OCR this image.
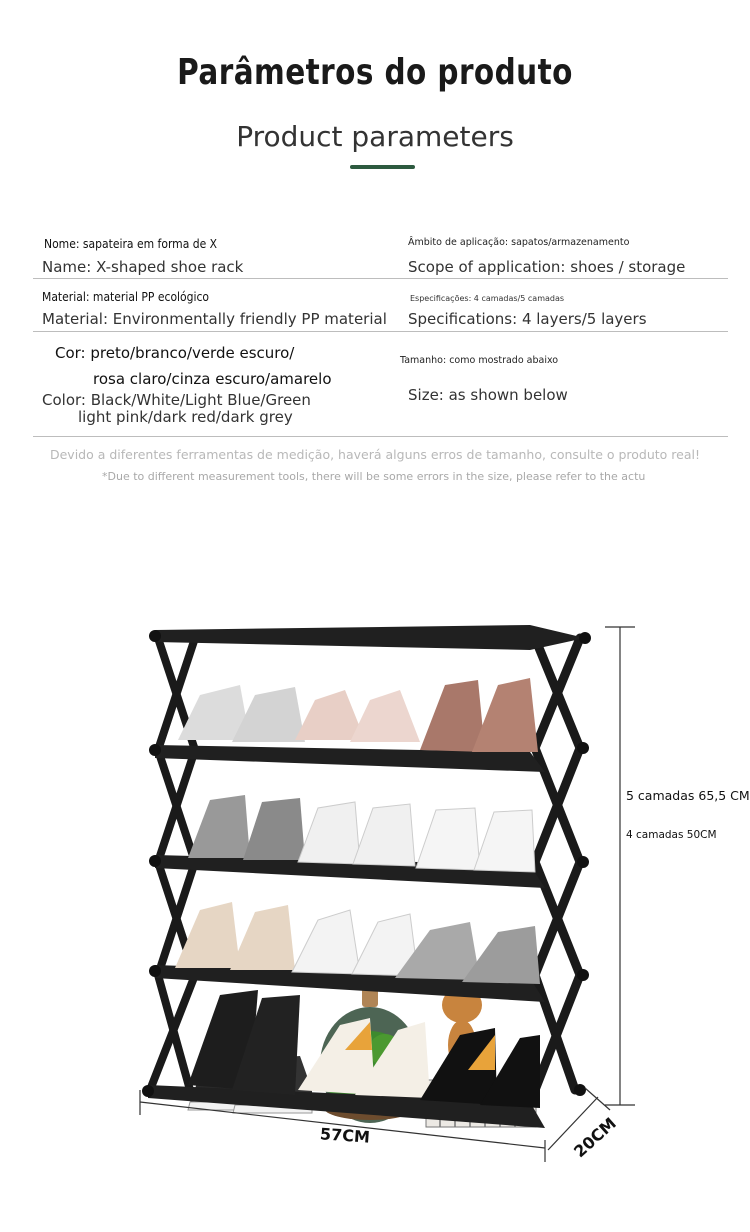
Parâmetros do produto
Product parameters
Nome: sapateira em forma de X
Name: X-shaped shoe rack
Âmbito de aplicação: sapatos/armazenamento
Scope of application: shoes / storage
Material: material PP ecológico
Material: Environmentally friendly PP material
Especificações: 4 camadas/5 camadas
Specifications: 4 layers/5 layers
Cor: preto/branco/verde escuro/
rosa claro/cinza escuro/amarelo
Color: Black/White/Light Blue/Green
light pink/dark red/dark grey
Tamanho: como mostrado abaixo
Size: as shown below
Devido a diferentes ferramentas de medição, haverá alguns erros de tamanho, consulte o produto real!
*Due to different measurement tools, there will be some errors in the size, please refer to the actu
5 camadas 65,5 CM
4 camadas 50CM
57CM	20CM
